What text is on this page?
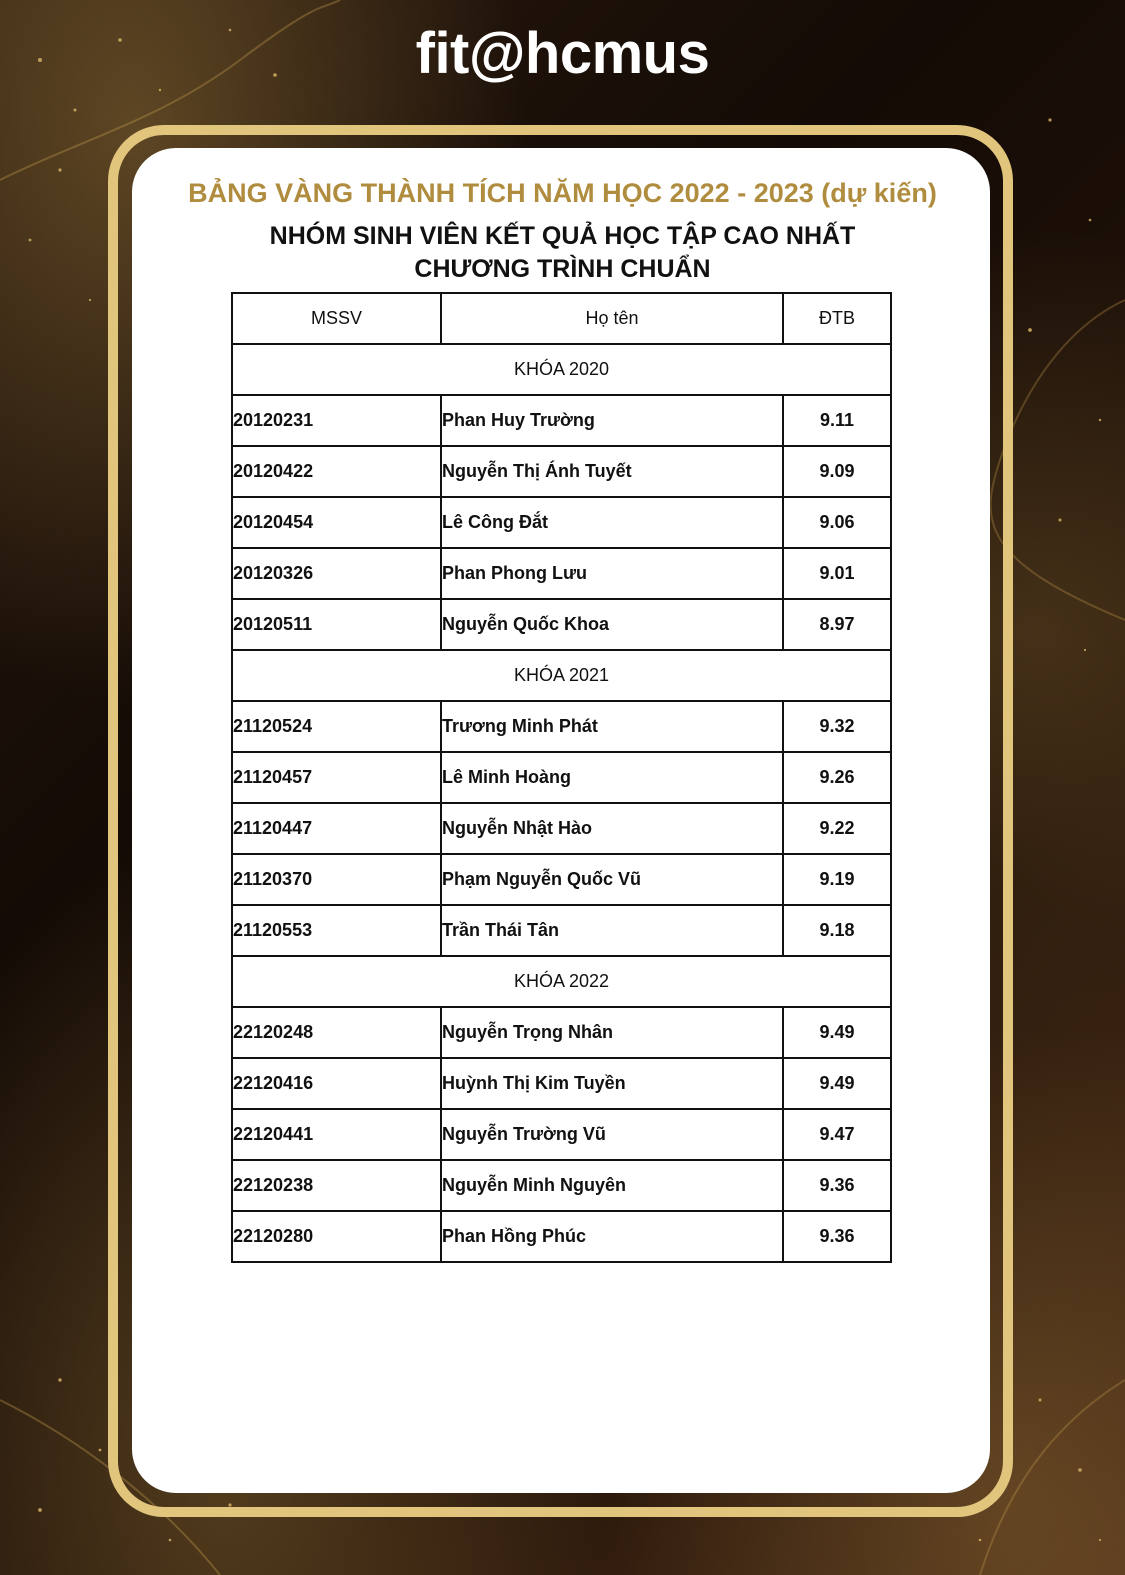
fit@hcmus
BẢNG VÀNG THÀNH TÍCH NĂM HỌC 2022 - 2023 (dự kiến)
NHÓM SINH VIÊN KẾT QUẢ HỌC TẬP CAO NHẤT
CHƯƠNG TRÌNH CHUẨN
MSSV	Họ tên	ĐTB
KHÓA 2020		
20120231	Phan Huy Trường	9.11
20120422	Nguyễn Thị Ánh Tuyết	9.09
20120454	Lê Công Đắt	9.06
20120326	Phan Phong Lưu	9.01
20120511	Nguyễn Quốc Khoa	8.97
KHÓA 2021		
21120524	Trương Minh Phát	9.32
21120457	Lê Minh Hoàng	9.26
21120447	Nguyễn Nhật Hào	9.22
21120370	Phạm Nguyễn Quốc Vũ	9.19
21120553	Trần Thái Tân	9.18
KHÓA 2022		
22120248	Nguyễn Trọng Nhân	9.49
22120416	Huỳnh Thị Kim Tuyền	9.49
22120441	Nguyễn Trường Vũ	9.47
22120238	Nguyễn Minh Nguyên	9.36
22120280	Phan Hồng Phúc	9.36
